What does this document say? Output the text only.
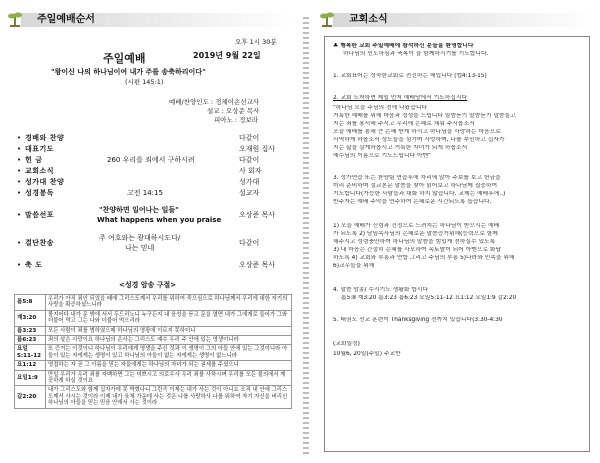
주일예배순서
오후 1시 30분
주일예배	2019년 9월 22일
"왕이신 나의 하나님이여 내가 주를 송축하리이다"
(시편 145:1)
예배/찬양인도 : 정체이손선교사
설교 : 오상준 목사
피아노 : 정보라
• 경배와 찬양	다같이
• 대표기도	오재원 집사
• 헌 금	260 우리를 죄에서 구하시려	다같이
• 교회소식	사 회자
• 성가대 찬양	성가대
• 성경봉독	고전 14:15	설교자
• 말씀선포
"찬양하면 일어나는 일들"
What happens when you praise
오상준 목사
• 결단찬송
주 여호와는 광대하시도다/
나는 믿네
다같이
• 축 도	오상준 목사
<성경 암송 구절>
롬5:8	우리가 아직 죄인 되었을 때에 그리스도께서 우리를 위하여 죽으심으로 하나님께서 우리에 대한 자기의 사랑을 확증하셨느니라
계3:20	볼지어다 내가 문 밖에 서서 두드리노니 누구든지 내 음성을 듣고 문을 열면 내가 그에게로 들어가 그와 더불어 먹고 그는 나와 더불어 먹으리라
롬3:23	모든 사람이 죄를 범하였으매 하나님의 영광에 이르지 못하더니
롬6:23	죄의 삯은 사망이요 하나님의 은사는 그리스도 예수 우리 주 안에 있는 영생이니라
요일5:11-12	또 증거는 이것이니 하나님이 우리에게 영생을 주신 것과 이 생명이 그의 아들 안에 있는 그것이니라 아들이 있는 자에게는 생명이 있고 하나님의 아들이 없는 자에게는 생명이 없느니라
요1:12	영접하는 자 곧 그 이름을 믿는 자들에게는 하나님의 자녀가 되는 권세를 주셨으니
요일1:9	만일 우리가 우리 죄를 자백하면 그는 미쁘시고 의로우사 우리 죄를 사하시며 우리를 모든 불의에서 깨끗하게 하실 것이요
갈2:20	내가 그리스도와 함께 십자가에 못 박혔나니 그런즉 이제는 내가 사는 것이 아니요 오직 내 안에 그리스도께서 사시는 것이라 이제 내가 육체 가운데 사는 것은 나를 사랑하사 나를 위하여 자기 자신을 버리신 하나님의 아들을 믿는 믿음 안에서 사는 것이라
교회소식
♣ 행복한 교회 주일예배에 참석하신 분들을 환영합니다
하나님의 인도하심과 축복이 늘 함께하시기를 기도합니다.
1. 교회표어는 성숙한교회로 전진하는 해입니다 (엡4:13-15)
2. 교회 도착하면 제일 먼저 예배당에서 기도하십시다
"하나님 오늘 주님의 전에 나왔습니다
거룩한 예배를 위해 마음과 정성을 드립니다 말씀듣기 말씀듣기 말씀들고
지는 죄를 용서해 주시고 우리에 은혜로 채워 주시옵소서
오늘 예배를 통해 큰 은혜 받게 하시고 하나님을 사랑하는 마음으로
사역하게 하옵소서 성도들을 섬기며 사랑하며, 나를 부인하고 십자가
지는 삶을 살게하옵시고 거룩한 자녀가 되게 하옵소서
예수님의 이름으로 기도드립니다 아멘"
3. 성가연습 또는 찬양팀 연습후에 자리에 앉아 주보를 보고 헌금을
미리 준비하며 설교본문 말씀을 찾아 읽어보고 하나님께 집중하여
기도합니다(가능한 사람들과 대화 하지 않습니다. 교제는 예배후에..)
반주자는 예배 주악을 연주하여 은혜로운 시간되도록 돕습니다.
1) 오늘 예배가 신령과 진정으로 드려지는 하나님이 받으시는 예배
가 되도록 2) 담임목사님의 은혜로운 말씀증거위해(능력으로 함께
해주시고 성령충만하여 하나님의 말씀을 힘있게 전하실수 있도록
3) 내 마음은 간절히 은혜를 사모하여 옥토밭이 되어 아멘으로 화답
하도록 4) 교회와 부흥과 연합 그리고 주님의 부흥 5)나라와 민족을 위해
6)교우들을 위해
4. 말씀 암송/ 수시기도 생활화 합시다
롬5:8 계3:20 롬3:23 롬6:23 요일5:11-12 요1:12 요일1:9 갈2:20
5. 태권도 선교 훈련이 Thanksgiving 전까지 있습니다(3:30-4:30
(교회일정)
10월6, 20일(주일) 주교반
